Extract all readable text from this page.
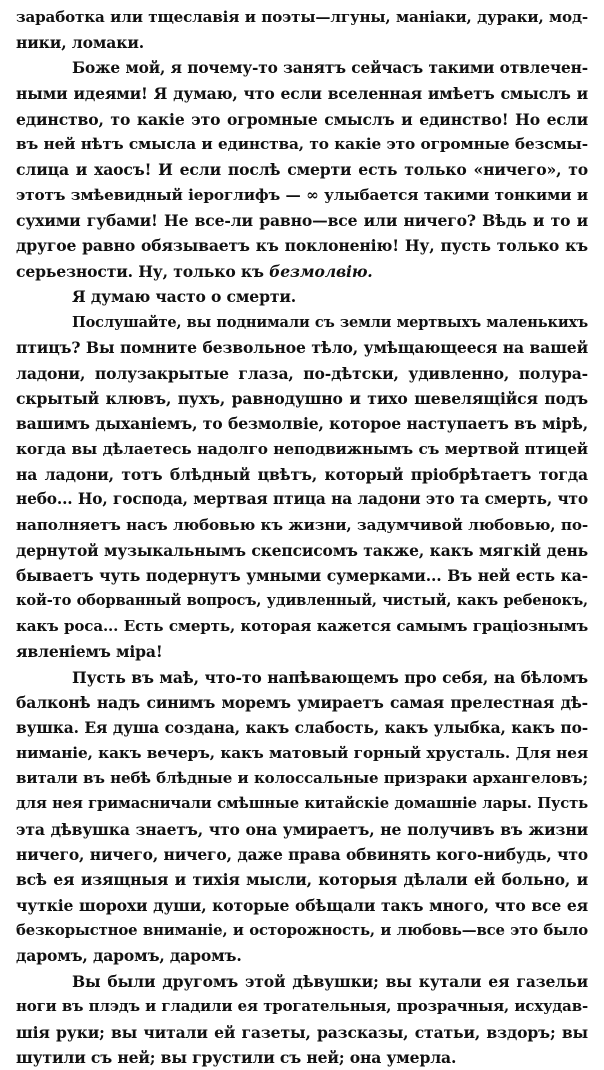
заработка или тщеславія и поэты—лгуны, маніаки, дураки, мод-
ники, ломаки.
Боже мой, я почему-то занятъ сейчасъ такими отвлечен-
ными идеями! Я думаю, что если вселенная имѣетъ смыслъ и
единство, то какіе это огромные смыслъ и единство! Но если
въ ней нѣтъ смысла и единства, то какіе это огромные безсмы-
слица и хаосъ! И если послѣ смерти есть только «ничего», то
этотъ змѣевидный іероглифъ — ∞ улыбается такими тонкими и
сухими губами! Не все-ли равно—все или ничего? Вѣдь и то и
другое равно обязываетъ къ поклоненію! Ну, пусть только къ
серьезности. Ну, только къ безмолвію.
Я думаю часто о смерти.
Послушайте, вы поднимали съ земли мертвыхъ маленькихъ
птицъ? Вы помните безвольное тѣло, умѣщающееся на вашей
ладони, полузакрытые глаза, по-дѣтски, удивленно, полура-
скрытый клювъ, пухъ, равнодушно и тихо шевелящійся подъ
вашимъ дыханіемъ, то безмолвіе, которое наступаетъ въ мірѣ,
когда вы дѣлаетесь надолго неподвижнымъ съ мертвой птицей
на ладони, тотъ блѣдный цвѣтъ, который пріобрѣтаетъ тогда
небо... Но, господа, мертвая птица на ладони это та смерть, что
наполняетъ насъ любовью къ жизни, задумчивой любовью, по-
дернутой музыкальнымъ скепсисомъ также, какъ мягкій день
бываетъ чуть подернутъ умными сумерками... Въ ней есть ка-
кой-то оборванный вопросъ, удивленный, чистый, какъ ребенокъ,
какъ роса... Есть смерть, которая кажется самымъ граціознымъ
явленіемъ міра!
Пусть въ маѣ, что-то напѣвающемъ про себя, на бѣломъ
балконѣ надъ синимъ моремъ умираетъ самая прелестная дѣ-
вушка. Ея душа создана, какъ слабость, какъ улыбка, какъ по-
ниманіе, какъ вечеръ, какъ матовый горный хрусталь. Для нея
витали въ небѣ блѣдные и колоссальные призраки архангеловъ;
для нея гримасничали смѣшные китайскіе домашніе лары. Пусть
эта дѣвушка знаетъ, что она умираетъ, не получивъ въ жизни
ничего, ничего, ничего, даже права обвинять кого-нибудь, что
всѣ ея изящныя и тихія мысли, которыя дѣлали ей больно, и
чуткіе шорохи души, которые обѣщали такъ много, что все ея
безкорыстное вниманіе, и осторожность, и любовь—все это было
даромъ, даромъ, даромъ.
Вы были другомъ этой дѣвушки; вы кутали ея газельи
ноги въ плэдъ и гладили ея трогательныя, прозрачныя, исхудав-
шія руки; вы читали ей газеты, разсказы, статьи, вздоръ; вы
шутили съ ней; вы грустили съ ней; она умерла.
